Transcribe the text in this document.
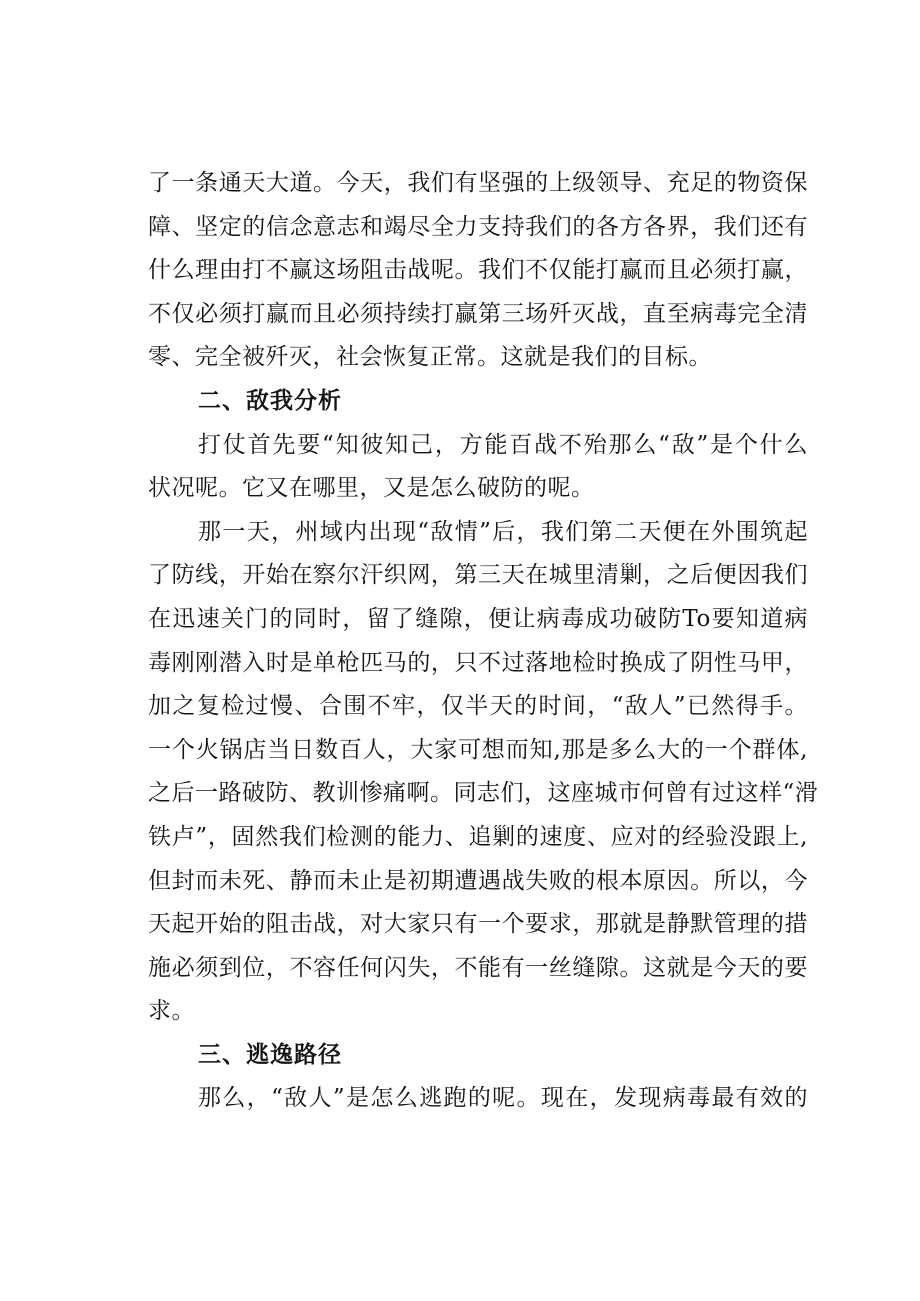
了一条通天大道。今天，我们有坚强的上级领导、充足的物资保
障、坚定的信念意志和竭尽全力支持我们的各方各界，我们还有
什么理由打不赢这场阻击战呢。我们不仅能打赢而且必须打赢，
不仅必须打赢而且必须持续打赢第三场歼灭战，直至病毒完全清
零、完全被歼灭，社会恢复正常。这就是我们的目标。
二、敌我分析
打仗首先要“知彼知己，方能百战不殆那么“敌”是个什么
状况呢。它又在哪里，又是怎么破防的呢。
那一天，州域内出现“敌情”后，我们第二天便在外围筑起
了防线，开始在察尔汗织网，第三天在城里清剿，之后便因我们
在迅速关门的同时，留了缝隙，便让病毒成功破防To要知道病
毒刚刚潜入时是单枪匹马的，只不过落地检时换成了阴性马甲，
加之复检过慢、合围不牢，仅半天的时间，“敌人”已然得手。
一个火锅店当日数百人，大家可想而知,那是多么大的一个群体,
之后一路破防、教训惨痛啊。同志们，这座城市何曾有过这样“滑
铁卢”，固然我们检测的能力、追剿的速度、应对的经验没跟上,
但封而未死、静而未止是初期遭遇战失败的根本原因。所以，今
天起开始的阻击战，对大家只有一个要求，那就是静默管理的措
施必须到位，不容任何闪失，不能有一丝缝隙。这就是今天的要
求。
三、逃逸路径
那么，“敌人”是怎么逃跑的呢。现在，发现病毒最有效的
